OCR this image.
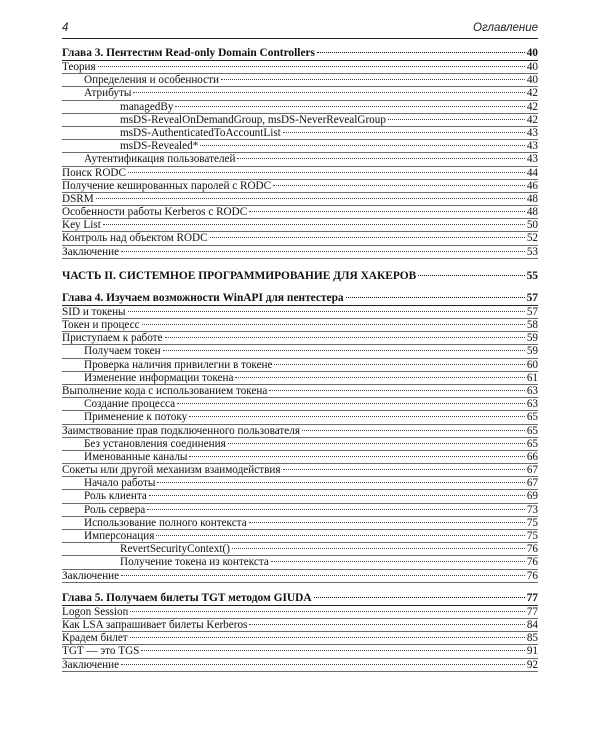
4	Оглавление
Глава 3. Пентестим Read-only Domain Controllers	40
Теория	40
Определения и особенности	40
Атрибуты	42
managedBy	42
msDS-RevealOnDemandGroup, msDS-NeverRevealGroup	42
msDS-AuthenticatedToAccountList	43
msDS-Revealed*	43
Аутентификация пользователей	43
Поиск RODC	44
Получение кешированных паролей с RODC	46
DSRM	48
Особенности работы Kerberos с RODC	48
Key List	50
Контроль над объектом RODC	52
Заключение	53
ЧАСТЬ II. СИСТЕМНОЕ ПРОГРАММИРОВАНИЕ ДЛЯ ХАКЕРОВ	55
Глава 4. Изучаем возможности WinAPI для пентестера	57
SID и токены	57
Токен и процесс	58
Приступаем к работе	59
Получаем токен	59
Проверка наличия привилегии в токене	60
Изменение информации токена	61
Выполнение кода с использованием токена	63
Создание процесса	63
Применение к потоку	65
Заимствование прав подключенного пользователя	65
Без установления соединения	65
Именованные каналы	66
Сокеты или другой механизм взаимодействия	67
Начало работы	67
Роль клиента	69
Роль сервера	73
Использование полного контекста	75
Имперсонация	75
RevertSecurityContext()	76
Получение токена из контекста	76
Заключение	76
Глава 5. Получаем билеты TGT методом GIUDA	77
Logon Session	77
Как LSA запрашивает билеты Kerberos	84
Крадем билет	85
TGT — это TGS	91
Заключение	92
